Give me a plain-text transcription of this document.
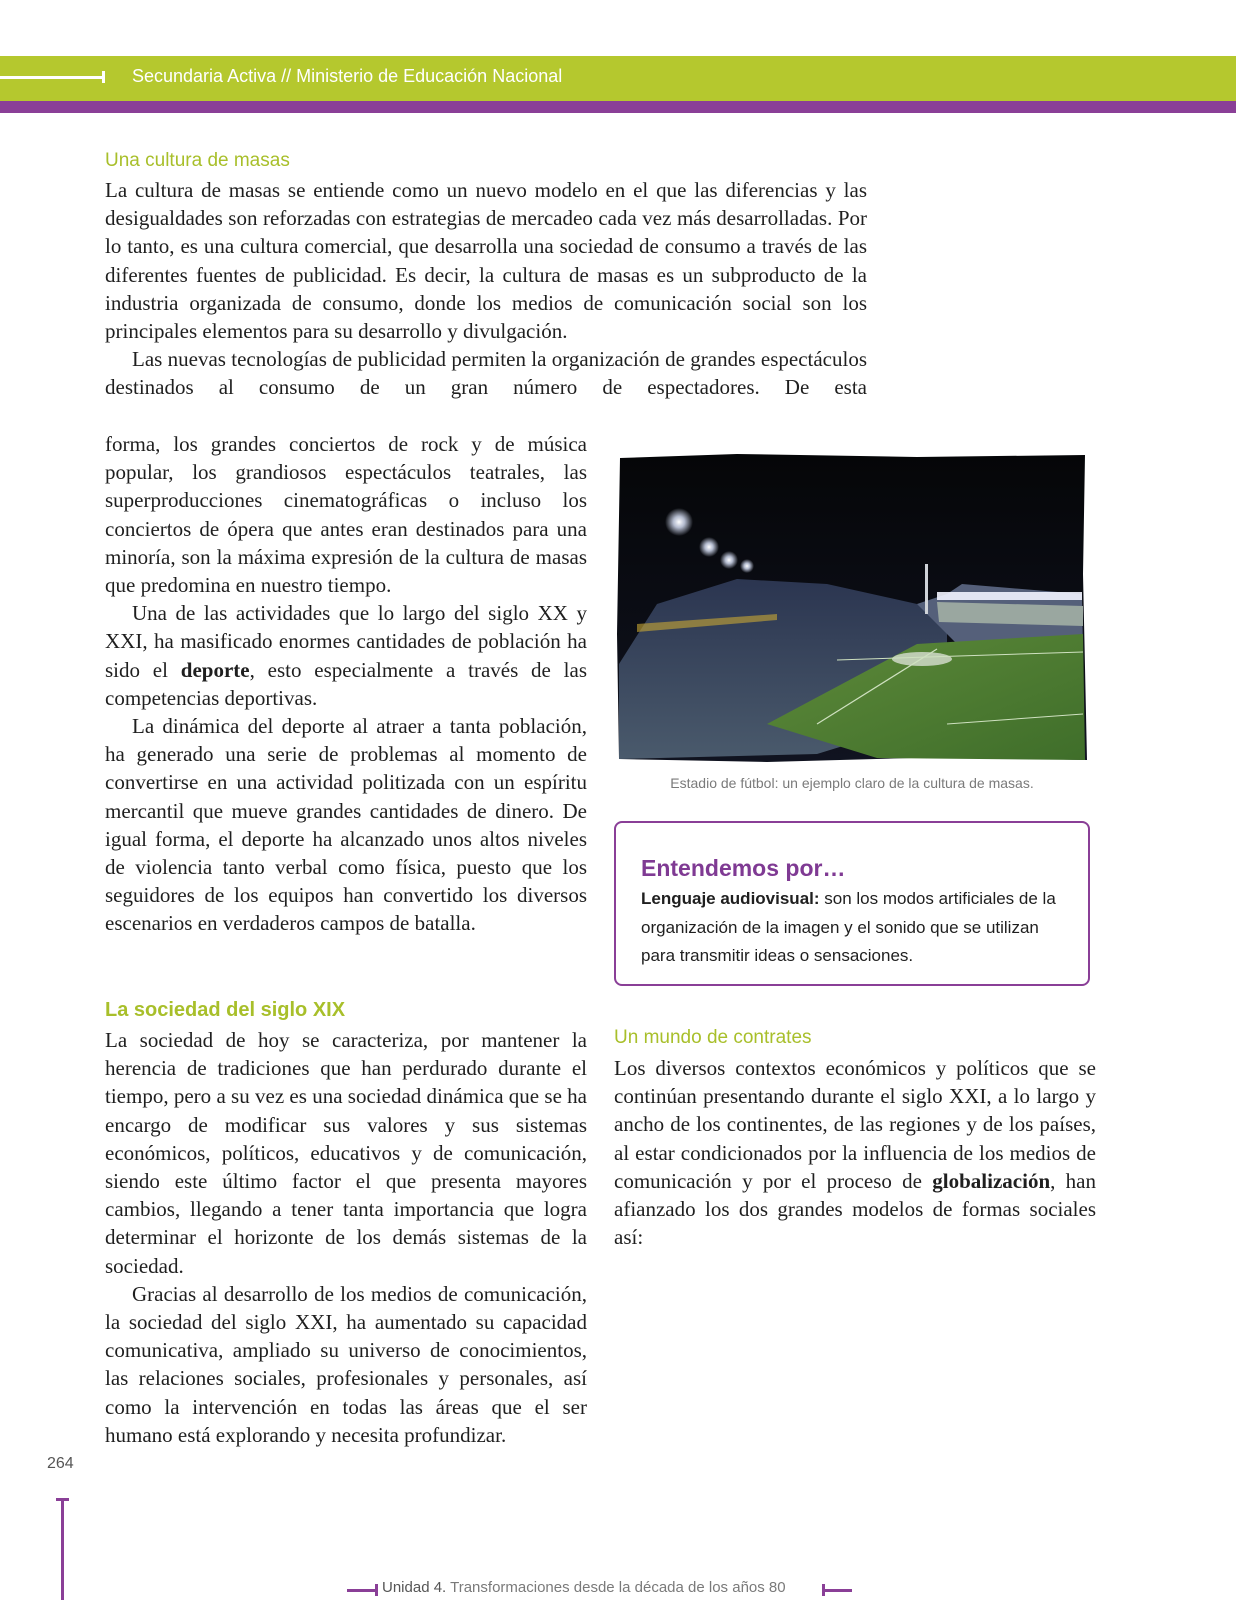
Secundaria Activa // Ministerio de Educación Nacional
Una cultura de masas

La cultura de masas se entiende como un nuevo modelo en el que las diferencias y las desigualdades son reforzadas con estrategias de mercadeo cada vez más desarrolladas. Por lo tanto, es una cultura comercial, que desarrolla una sociedad de consumo a través de las diferentes fuentes de publicidad. Es decir, la cultura de masas es un subproducto de la industria organizada de consumo, donde los medios de comunicación social son los principales elementos para su desarrollo y divulgación.

Las nuevas tecnologías de publicidad permiten la organización de grandes espectáculos destinados al consumo de un gran número de espectadores. De esta

forma, los grandes conciertos de rock y de música popular, los grandiosos espectáculos teatrales, las superproducciones cinematográficas o incluso los conciertos de ópera que antes eran destinados para una minoría, son la máxima expresión de la cultura de masas que predomina en nuestro tiempo.

Una de las actividades que lo largo del siglo XX y XXI, ha masificado enormes cantidades de población ha sido el deporte, esto especialmente a través de las competencias deportivas.

La dinámica del deporte al atraer a tanta población, ha generado una serie de problemas al momento de convertirse en una actividad politizada con un espíritu mercantil que mueve grandes cantidades de dinero. De igual forma, el deporte ha alcanzado unos altos niveles de violencia tanto verbal como física, puesto que los seguidores de los equipos han convertido los diversos escenarios en verdaderos campos de batalla.

Estadio de fútbol: un ejemplo claro de la cultura de masas.
Entendemos por…
Lenguaje audiovisual: son los modos artificiales de la organización de la imagen y el sonido que se utilizan para transmitir ideas o sensaciones.
La sociedad del siglo XIX

La sociedad de hoy se caracteriza, por mantener la herencia de tradiciones que han perdurado durante el tiempo, pero a su vez es una sociedad dinámica que se ha encargo de modificar sus valores y sus sistemas económicos, políticos, educativos y de comunicación, siendo este último factor el que presenta mayores cambios, llegando a tener tanta importancia que logra determinar el horizonte de los demás sistemas de la sociedad.

Gracias al desarrollo de los medios de comunicación, la sociedad del siglo XXI, ha aumentado su capacidad comunicativa, ampliado su universo de conocimientos, las relaciones sociales, profesionales y personales, así como la intervención en todas las áreas que el ser humano está explorando y necesita profundizar.

Un mundo de contrates

Los diversos contextos económicos y políticos que se continúan presentando durante el siglo XXI, a lo largo y ancho de los continentes, de las regiones y de los países, al estar condicionados por la influencia de los medios de comunicación y por el proceso de globalización, han afianzado los dos grandes modelos de formas sociales así:

264
Unidad 4. Transformaciones desde la década de los años 80
